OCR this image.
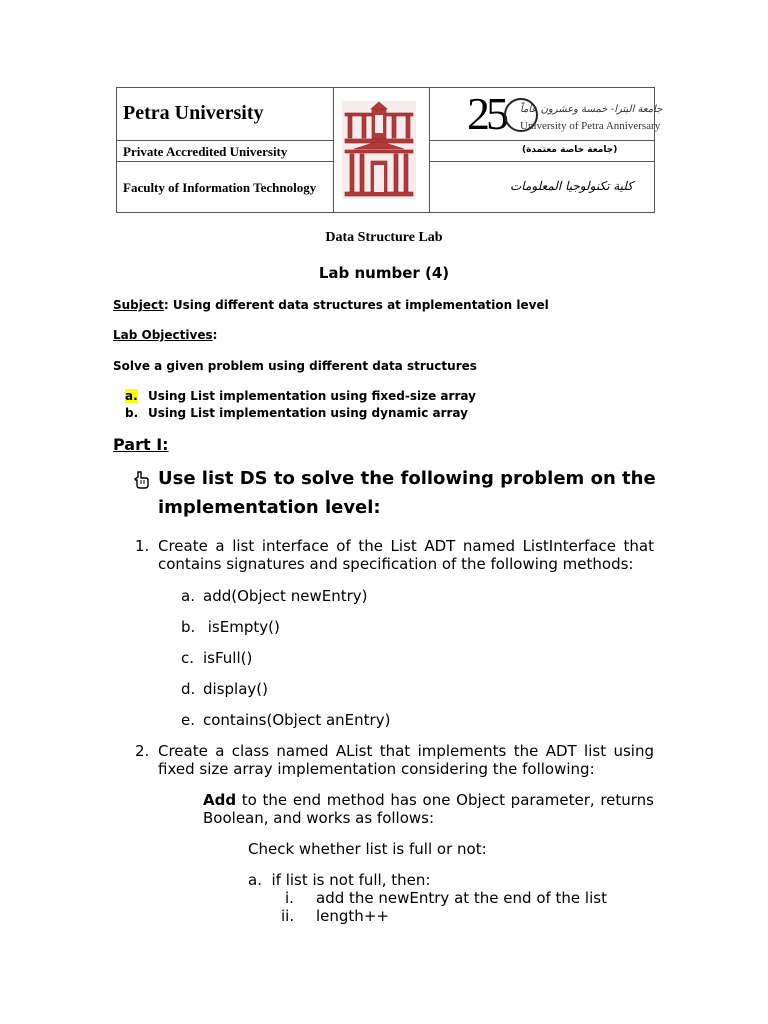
Petra University
Private Accredited University
Faculty of Information Technology
25 جامعة البترا- خمسة وعشرون عاماً
University of Petra Anniversary
(جامعة خاصة معتمدة)
كلية تكنولوجيا المعلومات
Data Structure Lab
Lab number (4)
Subject: Using different data structures at implementation level
Lab Objectives:
Solve a given problem using different data structures
a. Using List implementation using fixed-size array
b. Using List implementation using dynamic array
Part I:
Use list DS to solve the following problem on the
implementation level:
1. Create a list interface of the List ADT named ListInterface that
contains signatures and specification of the following methods:
a. add(Object newEntry)
b. isEmpty()
c. isFull()
d. display()
e. contains(Object anEntry)
2. Create a class named AList that implements the ADT list using
fixed size array implementation considering the following:
Add to the end method has one Object parameter, returns
Boolean, and works as follows:
Check whether list is full or not:
a.  if list is not full, then:
i. add the newEntry at the end of the list
ii. length++
